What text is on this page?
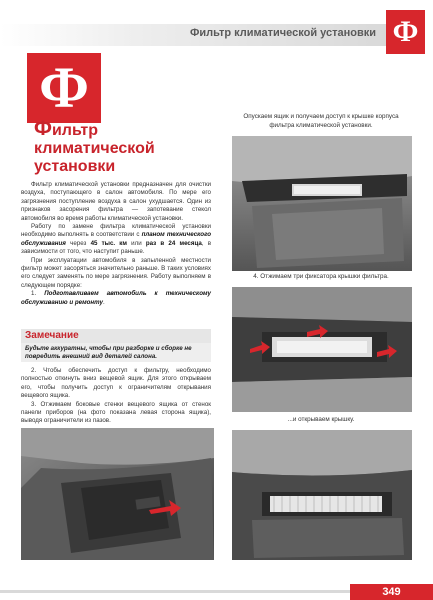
Фильтр климатической установки Ф
Ф
Фильтр
климатической установки

Фильтр климатической установки предназначен для очистки воздуха, поступающего в салон автомобиля. По мере его загрязнения поступление воздуха в салон ухудшается. Один из признаков засорения фильтра — запотевание стекол автомобиля во время работы климатической установки.

Работу по замене фильтра климатической установки необходимо выполнять в соответствии с планом технического обслуживания через 45 тыс. км или раз в 24 месяца, в зависимости от того, что наступит раньше.

При эксплуатации автомобиля в запыленной местности фильтр может засоряться значительно раньше. В таких условиях его следует заменять по мере загрязнения. Работу выполняем в следующем порядке:

1. Подготавливаем автомобиль к техническому обслуживанию и ремонту.

Замечание
Будьте аккуратны, чтобы при разборке и сборке не повредить внешний вид деталей салона.

2. Чтобы обеспечить доступ к фильтру, необходимо полностью откинуть вниз вещевой ящик. Для этого открываем его, чтобы получить доступ к ограничителям открывания вещевого ящика.

3. Отжимаем боковые стенки вещевого ящика от стенок панели приборов (на фото показана левая сторона ящика), выводя ограничители из пазов.

Опускаем ящик и получаем доступ к крышке корпуса фильтра климатической установки.
4. Отжимаем три фиксатора крышки фильтра.
...и открываем крышку.
349
